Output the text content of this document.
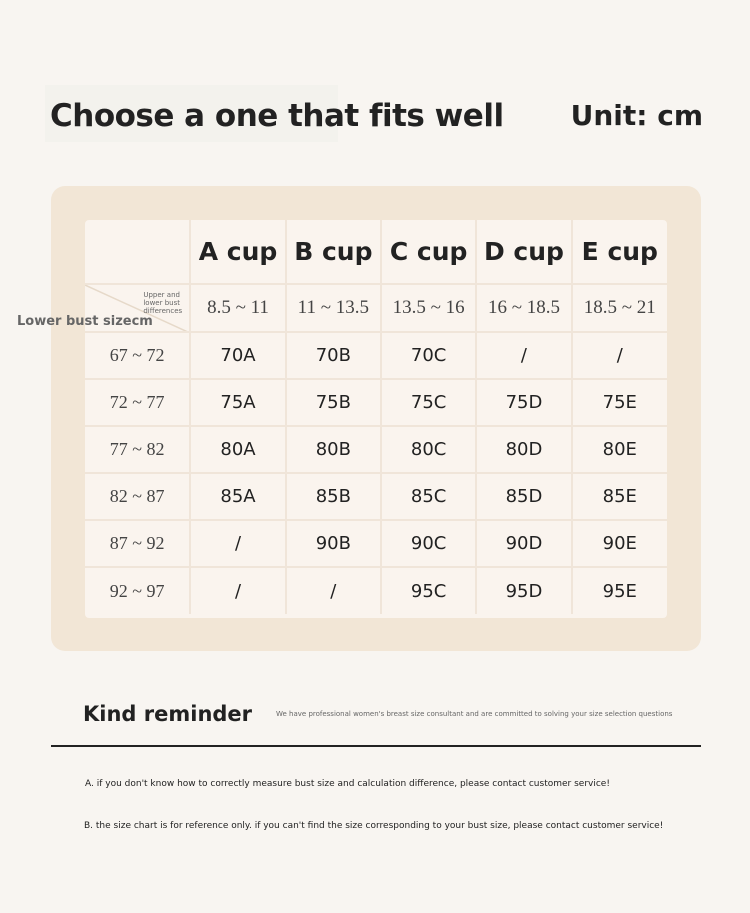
Choose a one that fits well Unit: cm
	A cup	B cup	C cup	D cup	E cup

Upper and lower bust differences	8.5 ~ 11	11 ~ 13.5	13.5 ~ 16	16 ~ 18.5	18.5 ~ 21
67 ~ 72	70A	70B	70C	/	/
72 ~ 77	75A	75B	75C	75D	75E
77 ~ 82	80A	80B	80C	80D	80E
82 ~ 87	85A	85B	85C	85D	85E
87 ~ 92	/	90B	90C	90D	90E
92 ~ 97	/	/	95C	95D	95E
Lower bust sizecm
Kind reminder	We have professional women's breast size consultant and are committed to solving your size selection questions
A. if you don't know how to correctly measure bust size and calculation difference, please contact customer service!
B. the size chart is for reference only. if you can't find the size corresponding to your bust size, please contact customer service!
